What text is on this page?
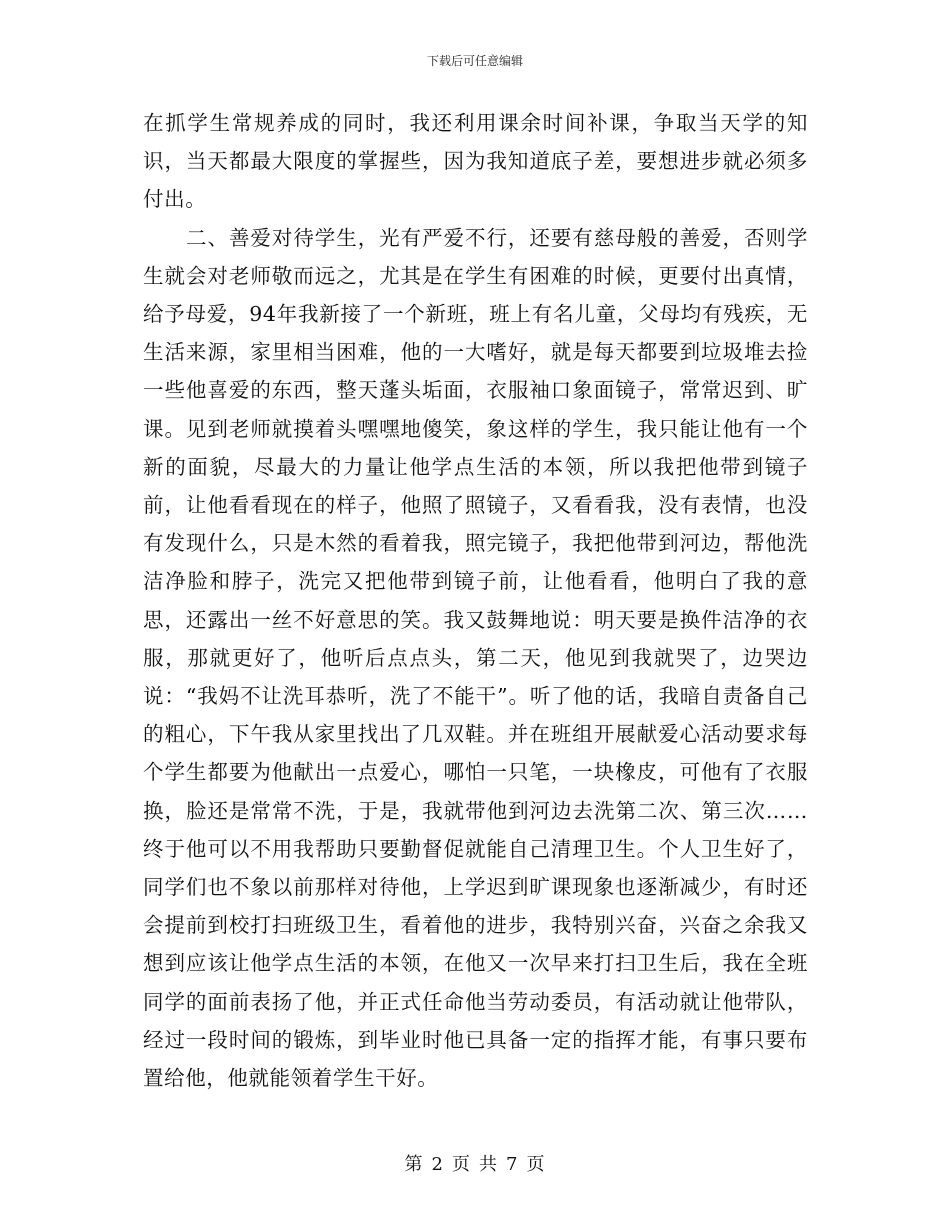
下载后可任意编辑

在抓学生常规养成的同时，我还利用课余时间补课，争取当天学的知识，当天都最大限度的掌握些，因为我知道底子差，要想进步就必须多付出。

二、善爱对待学生，光有严爱不行，还要有慈母般的善爱，否则学生就会对老师敬而远之，尤其是在学生有困难的时候，更要付出真情，给予母爱，94年我新接了一个新班，班上有名儿童，父母均有残疾，无生活来源，家里相当困难，他的一大嗜好，就是每天都要到垃圾堆去捡一些他喜爱的东西，整天蓬头垢面，衣服袖口象面镜子，常常迟到、旷课。见到老师就摸着头嘿嘿地傻笑，象这样的学生，我只能让他有一个新的面貌，尽最大的力量让他学点生活的本领，所以我把他带到镜子前，让他看看现在的样子，他照了照镜子，又看看我，没有表情，也没有发现什么，只是木然的看着我，照完镜子，我把他带到河边，帮他洗洁净脸和脖子，洗完又把他带到镜子前，让他看看，他明白了我的意思，还露出一丝不好意思的笑。我又鼓舞地说：明天要是换件洁净的衣服，那就更好了，他听后点点头，第二天，他见到我就哭了，边哭边说：“我妈不让洗耳恭听，洗了不能干”。听了他的话，我暗自责备自己的粗心，下午我从家里找出了几双鞋。并在班组开展献爱心活动要求每个学生都要为他献出一点爱心，哪怕一只笔，一块橡皮，可他有了衣服换，脸还是常常不洗，于是，我就带他到河边去洗第二次、第三次……终于他可以不用我帮助只要勤督促就能自己清理卫生。个人卫生好了，同学们也不象以前那样对待他，上学迟到旷课现象也逐渐减少，有时还会提前到校打扫班级卫生，看着他的进步，我特别兴奋，兴奋之余我又想到应该让他学点生活的本领，在他又一次早来打扫卫生后，我在全班同学的面前表扬了他，并正式任命他当劳动委员，有活动就让他带队，经过一段时间的锻炼，到毕业时他已具备一定的指挥才能，有事只要布置给他，他就能领着学生干好。

第 2 页 共 7 页
